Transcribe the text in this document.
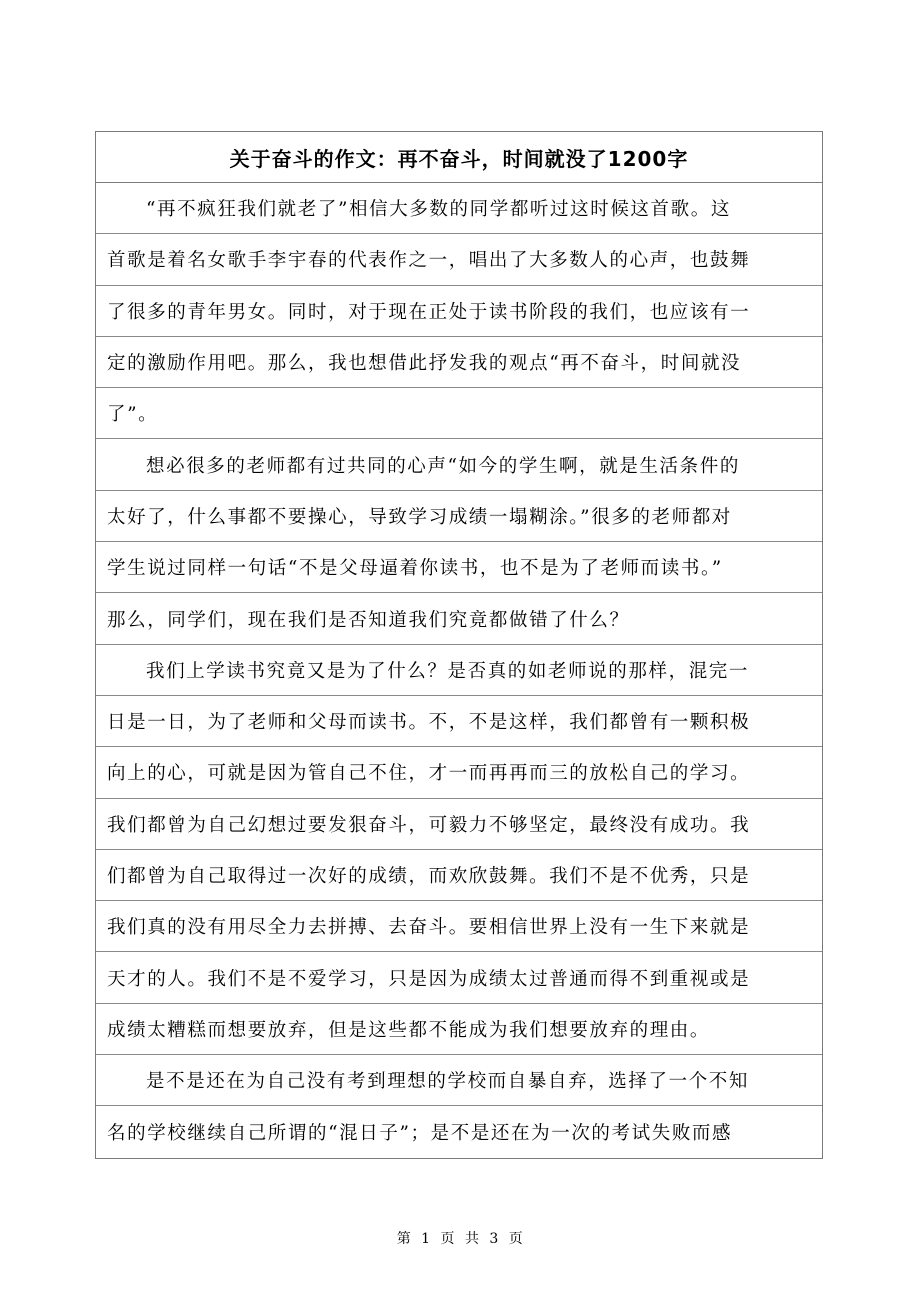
关于奋斗的作文：再不奋斗，时间就没了1200字
“再不疯狂我们就老了”相信大多数的同学都听过这时候这首歌。这
首歌是着名女歌手李宇春的代表作之一，唱出了大多数人的心声，也鼓舞
了很多的青年男女。同时，对于现在正处于读书阶段的我们，也应该有一
定的激励作用吧。那么，我也想借此抒发我的观点“再不奋斗，时间就没
了”。
想必很多的老师都有过共同的心声“如今的学生啊，就是生活条件的
太好了，什么事都不要操心，导致学习成绩一塌糊涂。”很多的老师都对
学生说过同样一句话“不是父母逼着你读书，也不是为了老师而读书。”
那么，同学们，现在我们是否知道我们究竟都做错了什么？
我们上学读书究竟又是为了什么？是否真的如老师说的那样，混完一
日是一日，为了老师和父母而读书。不，不是这样，我们都曾有一颗积极
向上的心，可就是因为管自己不住，才一而再再而三的放松自己的学习。
我们都曾为自己幻想过要发狠奋斗，可毅力不够坚定，最终没有成功。我
们都曾为自己取得过一次好的成绩，而欢欣鼓舞。我们不是不优秀，只是
我们真的没有用尽全力去拼搏、去奋斗。要相信世界上没有一生下来就是
天才的人。我们不是不爱学习，只是因为成绩太过普通而得不到重视或是
成绩太糟糕而想要放弃，但是这些都不能成为我们想要放弃的理由。
是不是还在为自己没有考到理想的学校而自暴自弃，选择了一个不知
名的学校继续自己所谓的“混日子”；是不是还在为一次的考试失败而感
第 1 页 共 3 页
